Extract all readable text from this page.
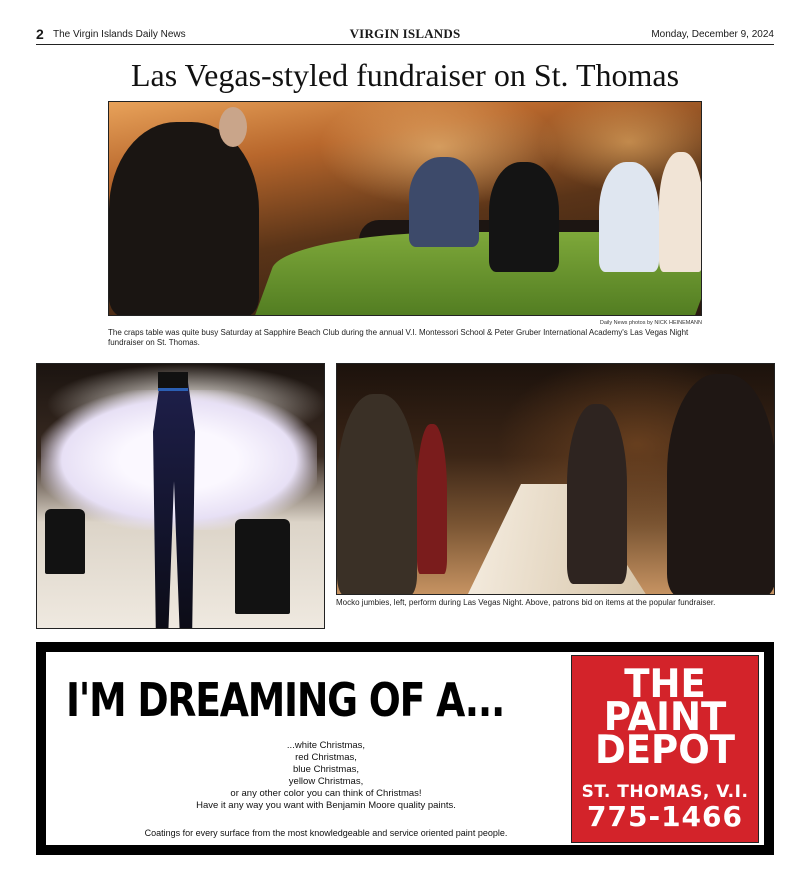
2 The Virgin Islands Daily News	VIRGIN ISLANDS	Monday, December 9, 2024
Las Vegas-styled fundraiser on St. Thomas
Daily News photos by NICK HEINEMANN
The craps table was quite busy Saturday at Sapphire Beach Club during the annual V.I. Montessori School & Peter Gruber International Academy's Las Vegas Night fundraiser on St. Thomas.
Mocko jumbies, left, perform during Las Vegas Night. Above, patrons bid on items at the popular fundraiser.
I'M DREAMING OF A...
...white Christmas,
red Christmas,
blue Christmas,
yellow Christmas,
or any other color you can think of Christmas!
Have it any way you want with Benjamin Moore quality paints.
Coatings for every surface from the most knowledgeable and service oriented paint people.
THE
PAINT
DEPOT
ST. THOMAS, V.I.
775-1466
